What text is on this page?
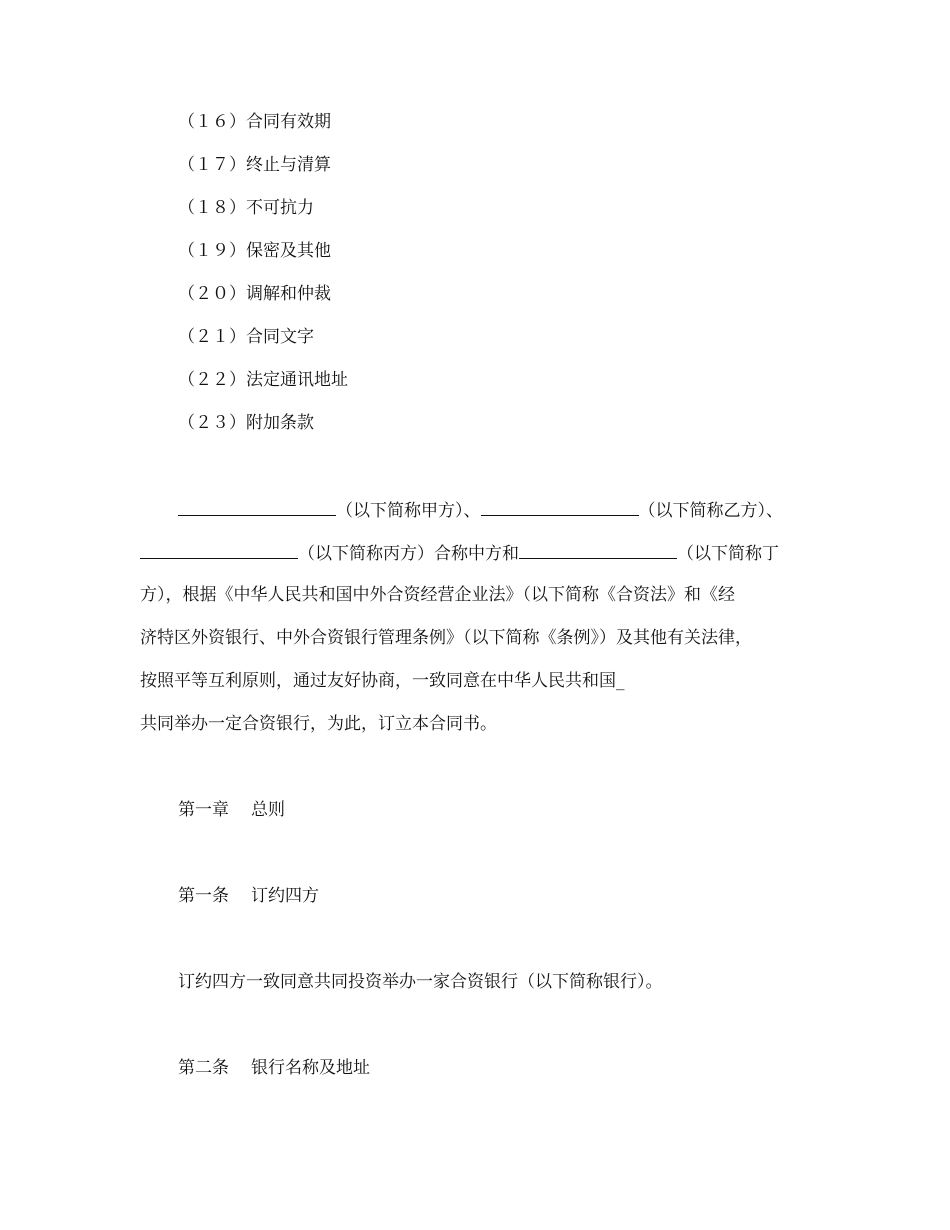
（１６）合同有效期
（１７）终止与清算
（１８）不可抗力
（１９）保密及其他
（２０）调解和仲裁
（２１）合同文字
（２２）法定通讯地址
（２３）附加条款
（以下简称甲方）、	（以下简称乙方）、
（以下简称丙方）合称中方和	（以下简称丁
方），根据《中华人民共和国中外合资经营企业法》（以下简称《合资法》和《经
济特区外资银行、中外合资银行管理条例》（以下简称《条例》）及其他有关法律，
按照平等互利原则，通过友好协商，一致同意在中华人民共和国_
共同举办一定合资银行，为此，订立本合同书。
第一章 总则
第一条 订约四方
订约四方一致同意共同投资举办一家合资银行（以下简称银行）。
第二条 银行名称及地址
